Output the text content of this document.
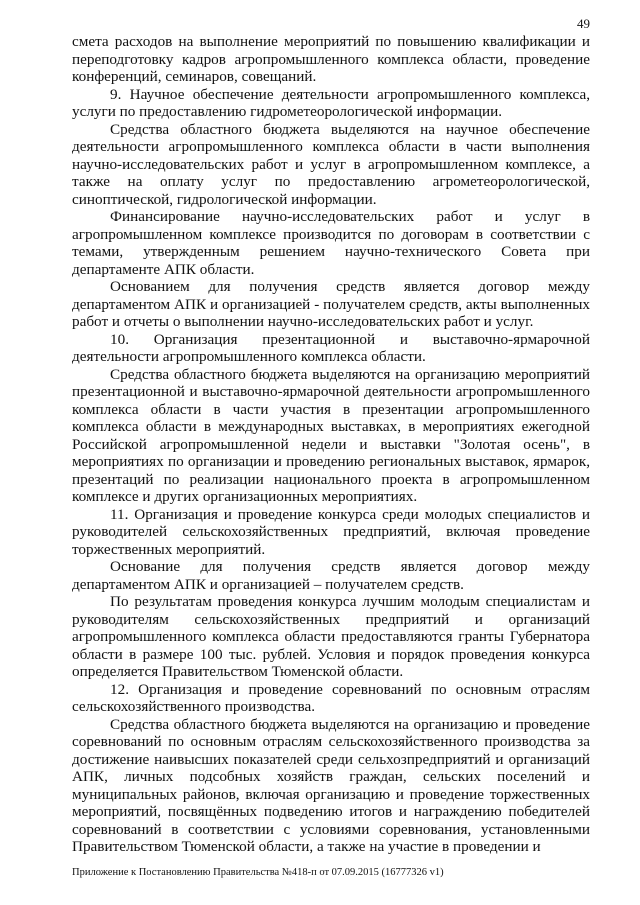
49

смета расходов на выполнение мероприятий по повышению квалификации и переподготовку кадров агропромышленного комплекса области, проведение конференций, семинаров, совещаний.

9. Научное обеспечение деятельности агропромышленного комплекса, услуги по предоставлению гидрометеорологической информации.

Средства областного бюджета выделяются на научное обеспечение деятельности агропромышленного комплекса области в части выполнения научно-исследовательских работ и услуг в агропромышленном комплексе, а также на оплату услуг по предоставлению агрометеорологической, синоптической, гидрологической информации.

Финансирование научно-исследовательских работ и услуг в агропромышленном комплексе производится по договорам в соответствии с темами, утвержденным решением научно-технического Совета при департаменте АПК области.

Основанием для получения средств является договор между департаментом АПК и организацией - получателем средств, акты выполненных работ и отчеты о выполнении научно-исследовательских работ и услуг.

10. Организация презентационной и выставочно-ярмарочной деятельности агропромышленного комплекса области.

Средства областного бюджета выделяются на организацию мероприятий презентационной и выставочно-ярмарочной деятельности агропромышленного комплекса области в части участия в презентации агропромышленного комплекса области в международных выставках, в мероприятиях ежегодной Российской агропромышленной недели и выставки "Золотая осень", в мероприятиях по организации и проведению региональных выставок, ярмарок, презентаций по реализации национального проекта в агропромышленном комплексе и других организационных мероприятиях.

11. Организация и проведение конкурса среди молодых специалистов и руководителей сельскохозяйственных предприятий, включая проведение торжественных мероприятий.

Основание для получения средств является договор между департаментом АПК и организацией – получателем средств.

По результатам проведения конкурса лучшим молодым специалистам и руководителям сельскохозяйственных предприятий и организаций агропромышленного комплекса области предоставляются гранты Губернатора области в размере 100 тыс. рублей. Условия и порядок проведения конкурса определяется Правительством Тюменской области.

12. Организация и проведение соревнований по основным отраслям сельскохозяйственного производства.

Средства областного бюджета выделяются на организацию и проведение соревнований по основным отраслям сельскохозяйственного производства за достижение наивысших показателей среди сельхозпредприятий и организаций АПК, личных подсобных хозяйств граждан, сельских поселений и муниципальных районов, включая организацию и проведение торжественных мероприятий, посвящённых подведению итогов и награждению победителей соревнований в соответствии с условиями соревнования, установленными Правительством Тюменской области, а также на участие в проведении и

Приложение к Постановлению Правительства №418-п от 07.09.2015 (16777326 v1)
